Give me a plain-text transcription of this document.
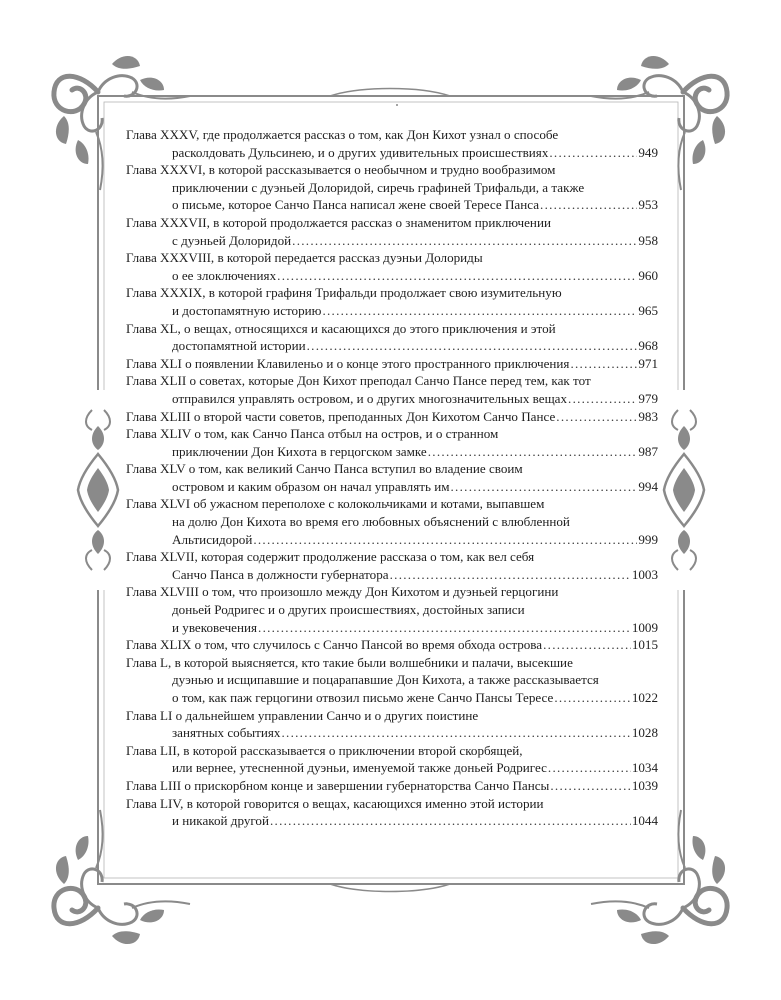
Глава XXXV, где продолжается рассказ о том, как Дон Кихот узнал о способе
расколдовать Дульсинею, и о других удивительных происшествиях . . .	949
Глава XXXVI, в которой рассказывается о необычном и трудно вообразимом
приключении с дуэньей Долоридой, сиречь графиней Трифальди, а также
о письме, которое Санчо Панса написал жене своей Тересе Панса . . .	953
Глава XXXVII, в которой продолжается рассказ о знаменитом приключении
с дуэньей Долоридой . . .	958
Глава XXXVIII, в которой передается рассказ дуэньи Долориды
о ее злоключениях . . .	960
Глава XXXIX, в которой графиня Трифальди продолжает свою изумительную
и достопамятную историю . . .	965
Глава XL, о вещах, относящихся и касающихся до этого приключения и этой
достопамятной истории . . .	968
Глава XLI о появлении Клавиленьо и о конце этого пространного приключения . . .	971
Глава XLII о советах, которые Дон Кихот преподал Санчо Пансе перед тем, как тот
отправился управлять островом, и о других многозначительных вещах . . .	979
Глава XLIII о второй части советов, преподанных Дон Кихотом Санчо Пансе . . .	983
Глава XLIV о том, как Санчо Панса отбыл на остров, и о странном
приключении Дон Кихота в герцогском замке . . .	987
Глава XLV о том, как великий Санчо Панса вступил во владение своим
островом и каким образом он начал управлять им . . .	994
Глава XLVI об ужасном переполохе с колокольчиками и котами, выпавшем
на долю Дон Кихота во время его любовных объяснений с влюбленной
Альтисидорой . . .	999
Глава XLVII, которая содержит продолжение рассказа о том, как вел себя
Санчо Панса в должности губернатора . . .	1003
Глава XLVIII о том, что произошло между Дон Кихотом и дуэньей герцогини
доньей Родригес и о других происшествиях, достойных записи
и увековечения . . .	1009
Глава XLIX о том, что случилось с Санчо Пансой во время обхода острова . . .	1015
Глава L, в которой выясняется, кто такие были волшебники и палачи, высекшие
дуэнью и исщипавшие и поцарапавшие Дон Кихота, а также рассказывается
о том, как паж герцогини отвозил письмо жене Санчо Пансы Тересе . . .	1022
Глава LI о дальнейшем управлении Санчо и о других поистине
занятных событиях . . .	1028
Глава LII, в которой рассказывается о приключении второй скорбящей,
или вернее, утесненной дуэньи, именуемой также доньей Родригес . . .	1034
Глава LIII о прискорбном конце и завершении губернаторства Санчо Пансы . . .	1039
Глава LIV, в которой говорится о вещах, касающихся именно этой истории
и никакой другой . . .	1044
